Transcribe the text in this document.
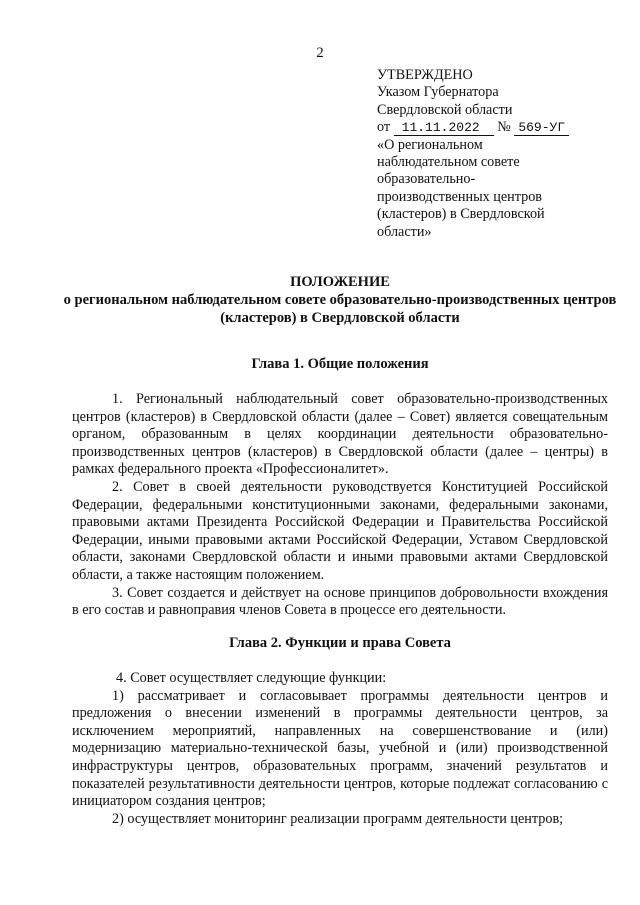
2
УТВЕРЖДЕНО
Указом Губернатора
Свердловской области
от 11.11.2022 № 569-УГ
«О региональном
наблюдательном совете
образовательно-
производственных центров
(кластеров) в Свердловской
области»
ПОЛОЖЕНИЕ
о региональном наблюдательном совете образовательно-производственных центров (кластеров) в Свердловской области
Глава 1. Общие положения

1. Региональный наблюдательный совет образовательно-производственных центров (кластеров) в Свердловской области (далее – Совет) является совещательным органом, образованным в целях координации деятельности образовательно-производственных центров (кластеров) в Свердловской области (далее – центры) в рамках федерального проекта «Профессионалитет».

2. Совет в своей деятельности руководствуется Конституцией Российской Федерации, федеральными конституционными законами, федеральными законами, правовыми актами Президента Российской Федерации и Правительства Российской Федерации, иными правовыми актами Российской Федерации, Уставом Свердловской области, законами Свердловской области и иными правовыми актами Свердловской области, а также настоящим положением.

3. Совет создается и действует на основе принципов добровольности вхождения в его состав и равноправия членов Совета в процессе его деятельности.

Глава 2. Функции и права Совета

4. Совет осуществляет следующие функции:

1) рассматривает и согласовывает программы деятельности центров и предложения о внесении изменений в программы деятельности центров, за исключением мероприятий, направленных на совершенствование и (или) модернизацию материально-технической базы, учебной и (или) производственной инфраструктуры центров, образовательных программ, значений результатов и показателей результативности деятельности центров, которые подлежат согласованию с инициатором создания центров;

2) осуществляет мониторинг реализации программ деятельности центров;
